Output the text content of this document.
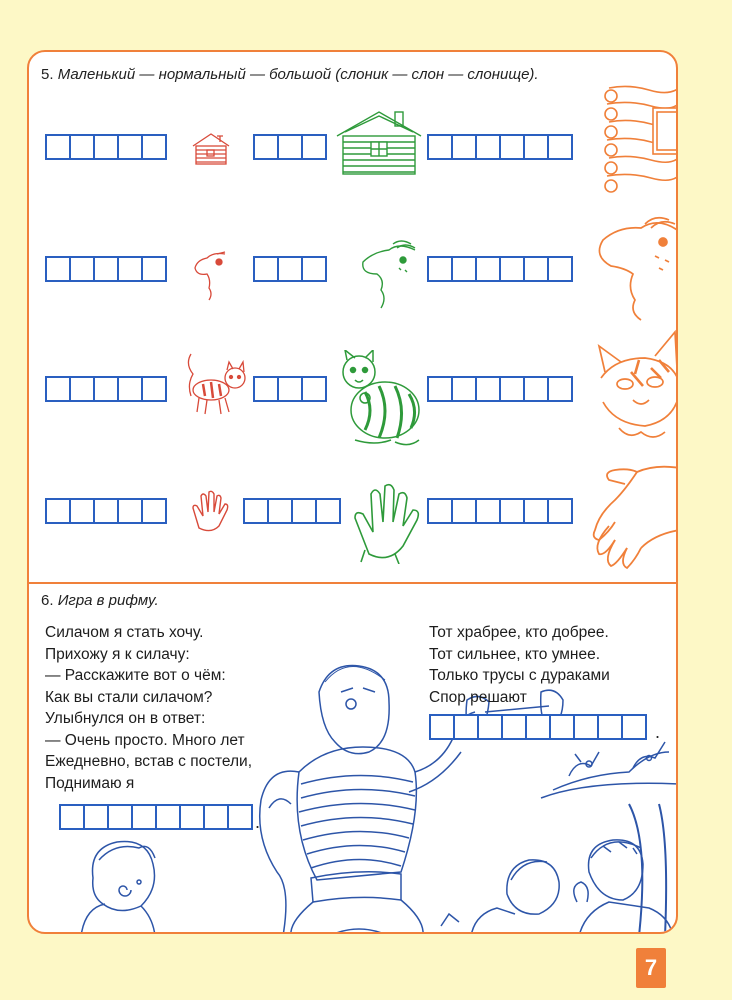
5. Маленький — нормальный — большой (слоник — слон — слонище).
6. Игра в рифму.
Силачом я стать хочу.
Прихожу я к силачу:
— Расскажите вот о чём:
Как вы стали силачом?
Улыбнулся он в ответ:
— Очень просто. Много лет
Ежедневно, встав с постели,
Поднимаю я
.
Тот храбрее, кто добрее.
Тот сильнее, кто умнее.
Только трусы с дураками
Спор решают
.
7
